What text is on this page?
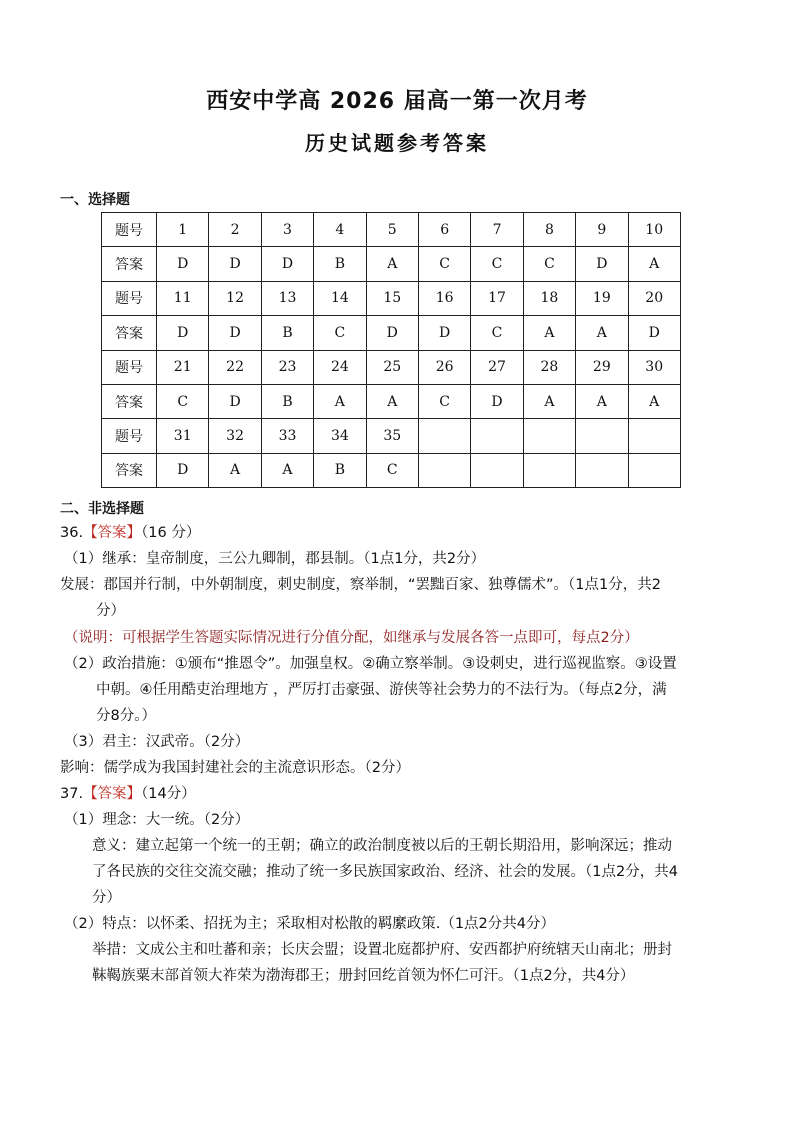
西安中学高 2026 届高一第一次月考
历史试题参考答案
一、选择题
题号	1	2	3	4	5	6	7	8	9	10
答案	D	D	D	B	A	C	C	C	D	A
题号	11	12	13	14	15	16	17	18	19	20
答案	D	D	B	C	D	D	C	A	A	D
题号	21	22	23	24	25	26	27	28	29	30
答案	C	D	B	A	A	C	D	A	A	A
题号	31	32	33	34	35					
答案	D	A	A	B	C					
二、非选择题
36.【答案】（16 分）
（1）继承：皇帝制度，三公九卿制，郡县制。（1点1分，共2分）
发展：郡国并行制，中外朝制度，刺史制度，察举制，“罢黜百家、独尊儒术”。（1点1分，共2
分）
（说明：可根据学生答题实际情况进行分值分配，如继承与发展各答一点即可，每点2分）
（2）政治措施：①颁布“推恩令”。加强皇权。②确立察举制。③设刺史，进行巡视监察。③设置
中朝。④任用酷吏治理地方 ，严厉打击豪强、游侠等社会势力的不法行为。（每点2分，满
分8分。）
（3）君主：汉武帝。（2分）
影响：儒学成为我国封建社会的主流意识形态。（2分）
37.【答案】（14分）
（1）理念：大一统。（2分）
意义：建立起第一个统一的王朝；确立的政治制度被以后的王朝长期沿用，影响深远；推动
了各民族的交往交流交融；推动了统一多民族国家政治、经济、社会的发展。（1点2分，共4
分）
（2）特点：以怀柔、招抚为主；采取相对松散的羁縻政策.（1点2分共4分）
举措：文成公主和吐蕃和亲；长庆会盟；设置北庭都护府、安西都护府统辖天山南北；册封
靺鞨族粟末部首领大祚荣为渤海郡王；册封回纥首领为怀仁可汗。（1点2分，共4分）
